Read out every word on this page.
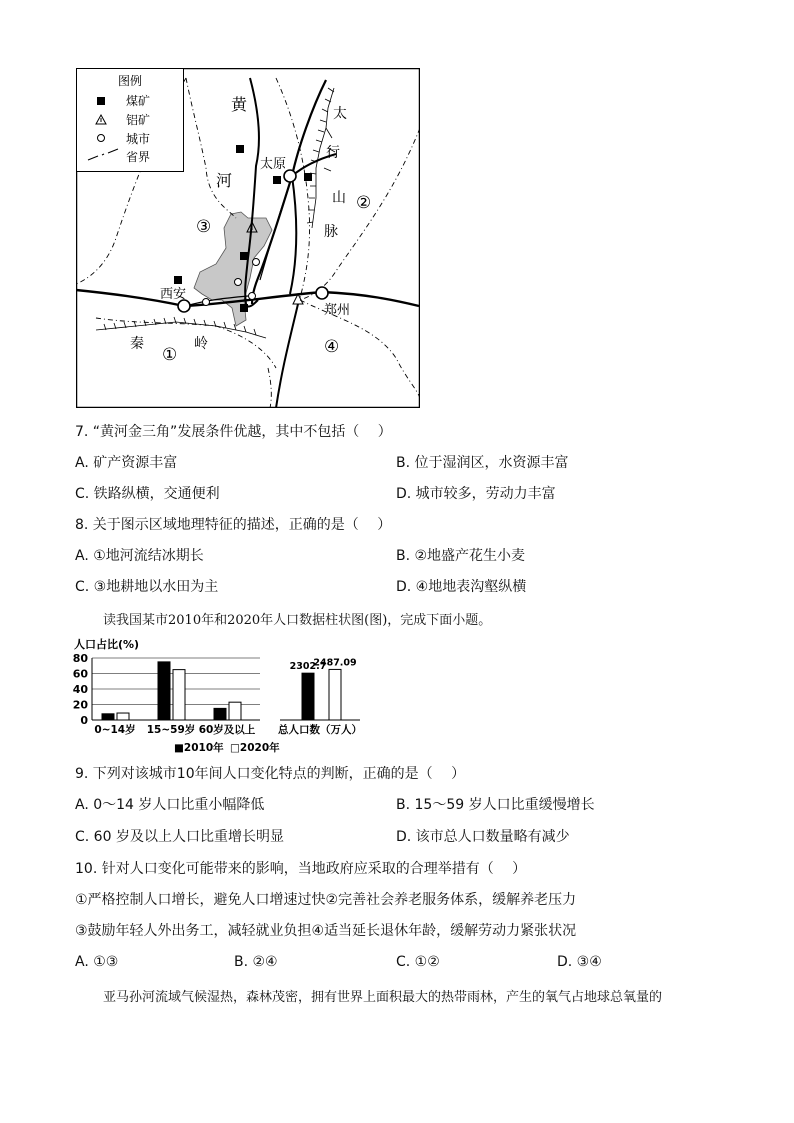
图例
煤矿
铝矿
城市
省界
黄
河
太
行
山
脉
太原
西安
郑州
秦	岭
①
②
③
④
7. “黄河金三角”发展条件优越，其中不包括（　 ）
A. 矿产资源丰富	B. 位于湿润区，水资源丰富
C. 铁路纵横，交通便利	D. 城市较多，劳动力丰富
8. 关于图示区域地理特征的描述，正确的是（　 ）
A. ①地河流结冰期长	B. ②地盛产花生小麦
C. ③地耕地以水田为主	D. ④地地表沟壑纵横
读我国某市2010年和2020年人口数据柱状图(图)，完成下面小题。
人口占比(%)
0
20
40
60
80
0~14岁 15~59岁 60岁及以上
2302.7
2487.09
总人口数（万人）
■2010年 □2020年
9. 下列对该城市10年间人口变化特点的判断，正确的是（　 ）
A. 0～14 岁人口比重小幅降低	B. 15～59 岁人口比重缓慢增长
C. 60 岁及以上人口比重增长明显	D. 该市总人口数量略有减少
10. 针对人口变化可能带来的影响，当地政府应采取的合理举措有（　 ）
①严格控制人口增长，避免人口增速过快②完善社会养老服务体系，缓解养老压力
③鼓励年轻人外出务工，减轻就业负担④适当延长退休年龄，缓解劳动力紧张状况
A. ①③	B. ②④	C. ①②	D. ③④
亚马孙河流域气候湿热，森林茂密，拥有世界上面积最大的热带雨林，产生的氧气占地球总氧量的
